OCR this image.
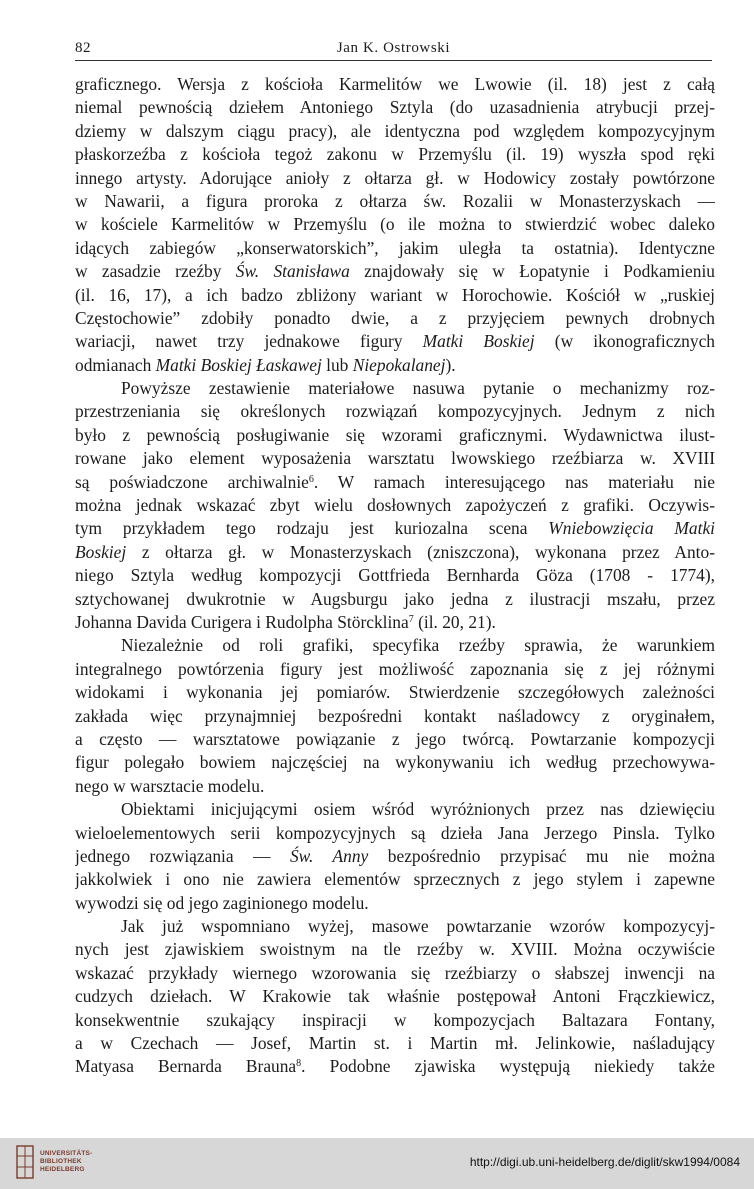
82	Jan K. Ostrowski
graficznego. Wersja z kościoła Karmelitów we Lwowie (il. 18) jest z całą
niemal pewnością dziełem Antoniego Sztyla (do uzasadnienia atrybucji przej-
dziemy w dalszym ciągu pracy), ale identyczna pod względem kompozycyjnym
płaskorzeźba z kościoła tegoż zakonu w Przemyślu (il. 19) wyszła spod ręki
innego artysty. Adorujące anioły z ołtarza gł. w Hodowicy zostały powtórzone
w Nawarii, a figura proroka z ołtarza św. Rozalii w Monasterzyskach —
w kościele Karmelitów w Przemyślu (o ile można to stwierdzić wobec daleko
idących zabiegów „konserwatorskich”, jakim uległa ta ostatnia). Identyczne
w zasadzie rzeźby Św. Stanisława znajdowały się w Łopatynie i Podkamieniu
(il. 16, 17), a ich badzo zbliżony wariant w Horochowie. Kościół w „ruskiej
Częstochowie” zdobiły ponadto dwie, a z przyjęciem pewnych drobnych
wariacji, nawet trzy jednakowe figury Matki Boskiej (w ikonograficznych
odmianach Matki Boskiej Łaskawej lub Niepokalanej).
Powyższe zestawienie materiałowe nasuwa pytanie o mechanizmy roz-
przestrzeniania się określonych rozwiązań kompozycyjnych. Jednym z nich
było z pewnością posługiwanie się wzorami graficznymi. Wydawnictwa ilust-
rowane jako element wyposażenia warsztatu lwowskiego rzeźbiarza w. XVIII
są poświadczone archiwalnie$^6$. W ramach interesującego nas materiału nie
można jednak wskazać zbyt wielu dosłownych zapożyczeń z grafiki. Oczywis-
tym przykładem tego rodzaju jest kuriozalna scena Wniebowzięcia Matki
Boskiej z ołtarza gł. w Monasterzyskach (zniszczona), wykonana przez Anto-
niego Sztyla według kompozycji Gottfrieda Bernharda Göza (1708 - 1774),
sztychowanej dwukrotnie w Augsburgu jako jedna z ilustracji mszału, przez
Johanna Davida Curigera i Rudolpha Störcklina$^7$ (il. 20, 21).
Niezależnie od roli grafiki, specyfika rzeźby sprawia, że warunkiem
integralnego powtórzenia figury jest możliwość zapoznania się z jej różnymi
widokami i wykonania jej pomiarów. Stwierdzenie szczegółowych zależności
zakłada więc przynajmniej bezpośredni kontakt naśladowcy z oryginałem,
a często — warsztatowe powiązanie z jego twórcą. Powtarzanie kompozycji
figur polegało bowiem najczęściej na wykonywaniu ich według przechowywa-
nego w warsztacie modelu.
Obiektami inicjującymi osiem wśród wyróżnionych przez nas dziewięciu
wieloelementowych serii kompozycyjnych są dzieła Jana Jerzego Pinsla. Tylko
jednego rozwiązania — Św. Anny bezpośrednio przypisać mu nie można
jakkolwiek i ono nie zawiera elementów sprzecznych z jego stylem i zapewne
wywodzi się od jego zaginionego modelu.
Jak już wspomniano wyżej, masowe powtarzanie wzorów kompozycyj-
nych jest zjawiskiem swoistnym na tle rzeźby w. XVIII. Można oczywiście
wskazać przykłady wiernego wzorowania się rzeźbiarzy o słabszej inwencji na
cudzych dziełach. W Krakowie tak właśnie postępował Antoni Frączkiewicz,
konsekwentnie szukający inspiracji w kompozycjach Baltazara Fontany,
a w Czechach — Josef, Martin st. i Martin mł. Jelinkowie, naśladujący
Matyasa Bernarda Brauna$^8$. Podobne zjawiska występują niekiedy także
UNIVERSITÄTS-
BIBLIOTHEK
HEIDELBERG
http://digi.ub.uni-heidelberg.de/diglit/skw1994/0084
